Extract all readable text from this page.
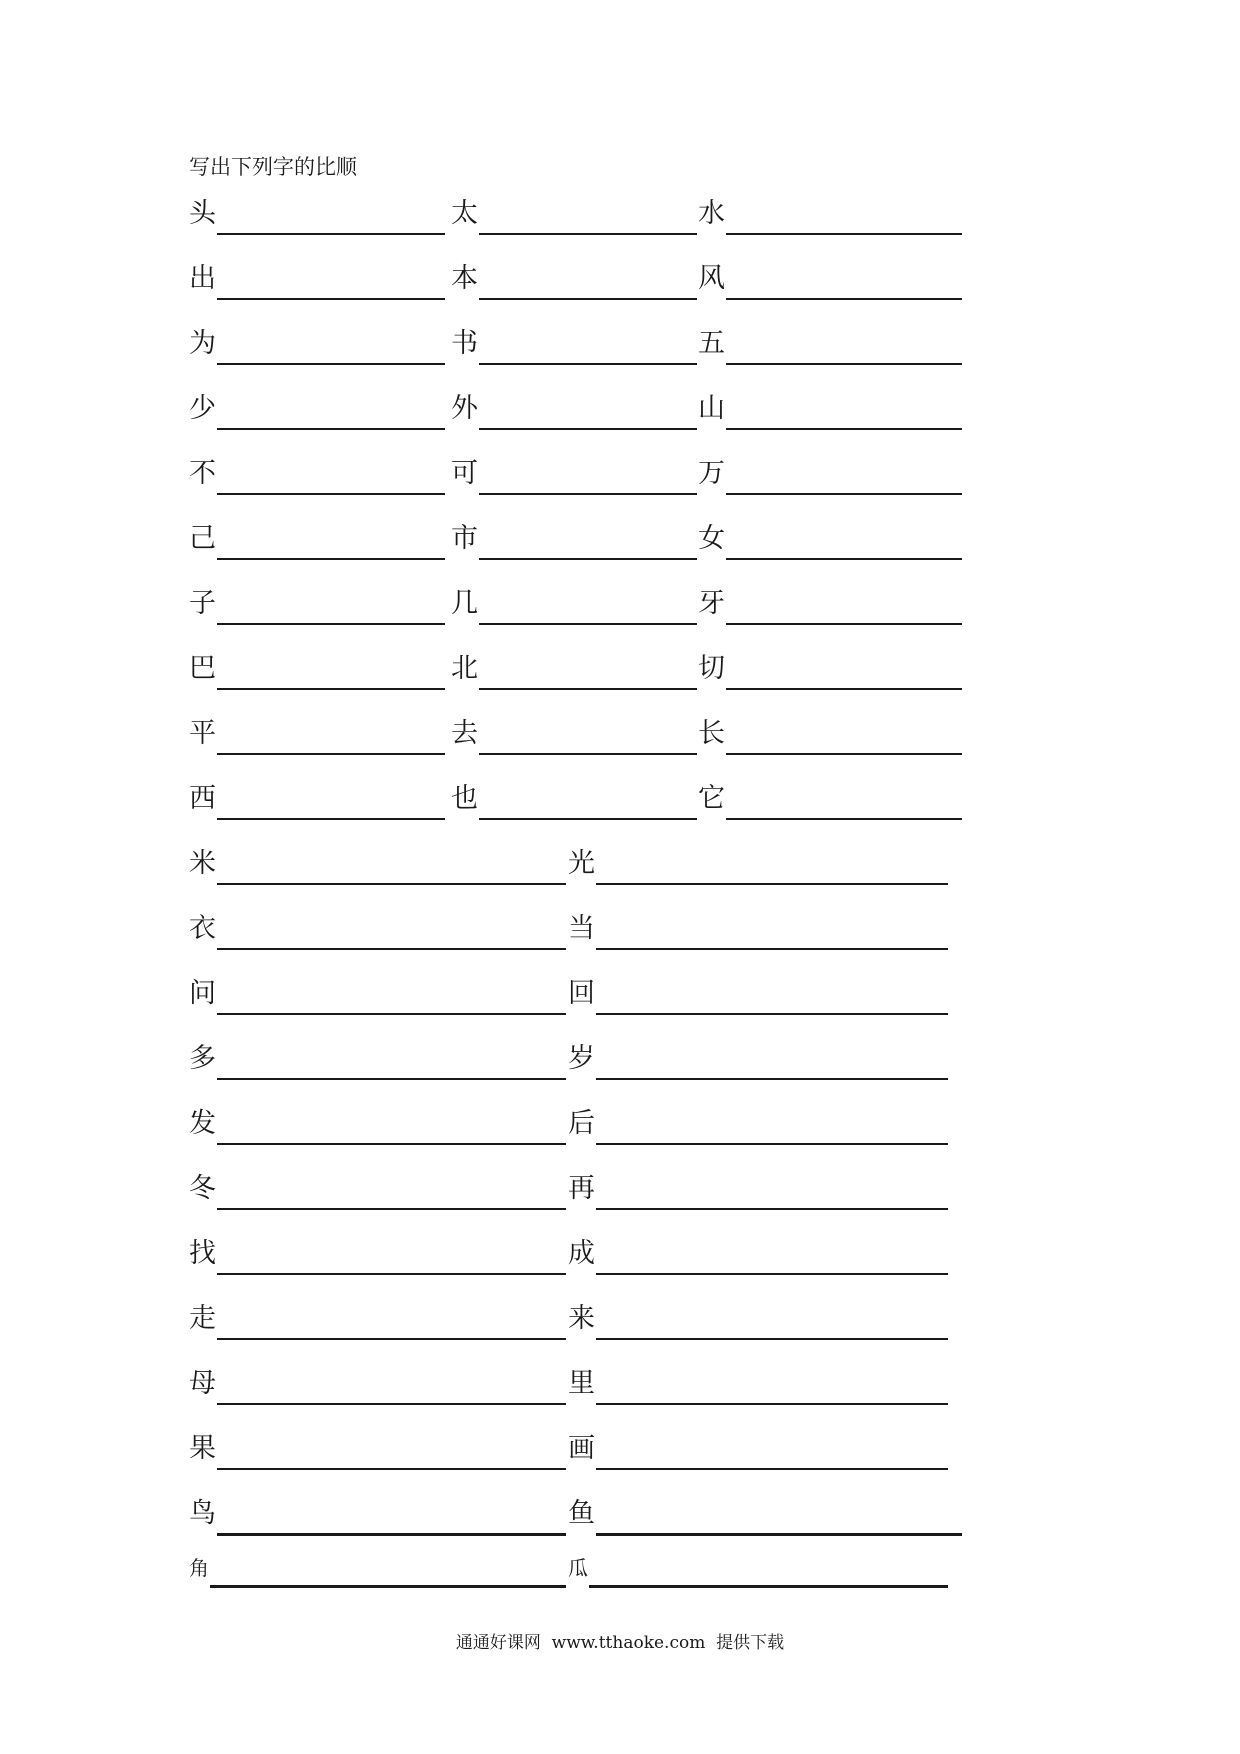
写出下列字的比顺
头	太	水
出	本	风
为	书	五
少	外	山
不	可	万
己	市	女
子	几	牙
巴	北	切
平	去	长
西	也	它
米	光
衣	当
问	回
多	岁
发	后
冬	再
找	成
走	来
母	里
果	画
鸟	鱼
角	瓜
通通好课网  www.tthaoke.com  提供下载
